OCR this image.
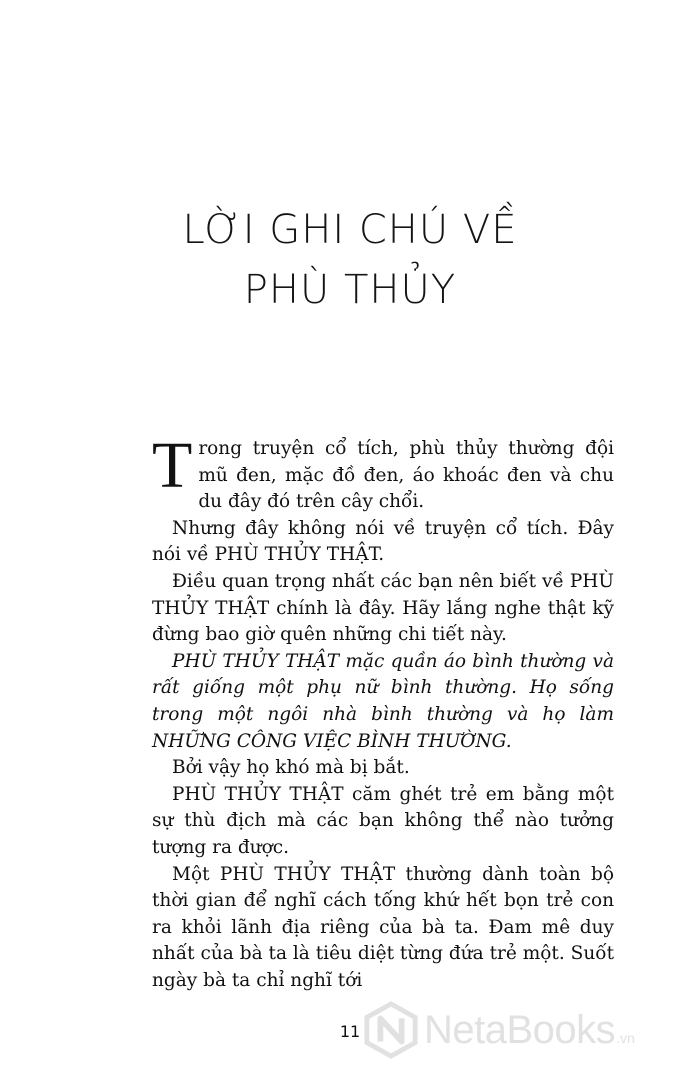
LỜI GHI CHÚ VỀ
PHÙ THỦY

Trong truyện cổ tích, phù thủy thường đội mũ đen, mặc đồ đen, áo khoác đen và chu du đây đó trên cây chổi.

Nhưng đây không nói về truyện cổ tích. Đây nói về PHÙ THỦY THẬT.

Điều quan trọng nhất các bạn nên biết về PHÙ THỦY THẬT chính là đây. Hãy lắng nghe thật kỹ đừng bao giờ quên những chi tiết này.

PHÙ THỦY THẬT mặc quần áo bình thường và rất giống một phụ nữ bình thường. Họ sống trong một ngôi nhà bình thường và họ làm NHỮNG CÔNG VIỆC BÌNH THƯỜNG.

Bởi vậy họ khó mà bị bắt.

PHÙ THỦY THẬT căm ghét trẻ em bằng một sự thù địch mà các bạn không thể nào tưởng tượng ra được.

Một PHÙ THỦY THẬT thường dành toàn bộ thời gian để nghĩ cách tống khứ hết bọn trẻ con ra khỏi lãnh địa riêng của bà ta. Đam mê duy nhất của bà ta là tiêu diệt từng đứa trẻ một. Suốt ngày bà ta chỉ nghĩ tới

11 NetaBooks .vn
